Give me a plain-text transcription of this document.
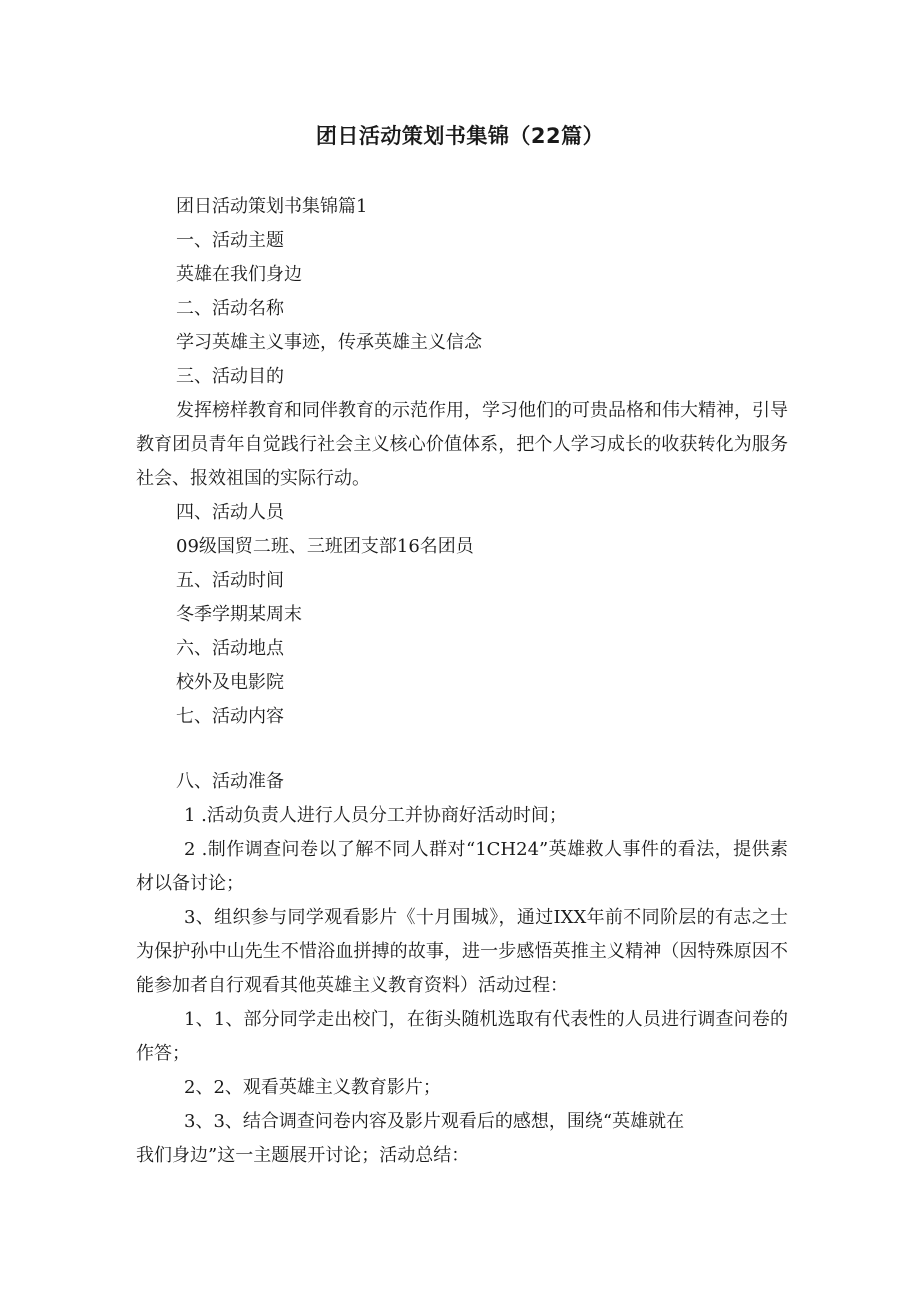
团日活动策划书集锦（22篇）

团日活动策划书集锦篇1

一、活动主题

英雄在我们身边

二、活动名称

学习英雄主义事迹，传承英雄主义信念

三、活动目的

发挥榜样教育和同伴教育的示范作用，学习他们的可贵品格和伟大精神，引导教育团员青年自觉践行社会主义核心价值体系，把个人学习成长的收获转化为服务社会、报效祖国的实际行动。

四、活动人员

09级国贸二班、三班团支部16名团员

五、活动时间

冬季学期某周末

六、活动地点

校外及电影院

七、活动内容

八、活动准备

1 .活动负责人进行人员分工并协商好活动时间；

2 .制作调查问卷以了解不同人群对“1CH24”英雄救人事件的看法，提供素材以备讨论；

3、组织参与同学观看影片《十月围城》，通过IXX年前不同阶层的有志之士为保护孙中山先生不惜浴血拼搏的故事，进一步感悟英推主义精神（因特殊原因不能参加者自行观看其他英雄主义教育资料）活动过程：

1、1、部分同学走出校门，在街头随机选取有代表性的人员进行调查问卷的作答；

2、2、观看英雄主义教育影片；

3、3、结合调查问卷内容及影片观看后的感想，围绕“英雄就在

我们身边”这一主题展开讨论；活动总结：
